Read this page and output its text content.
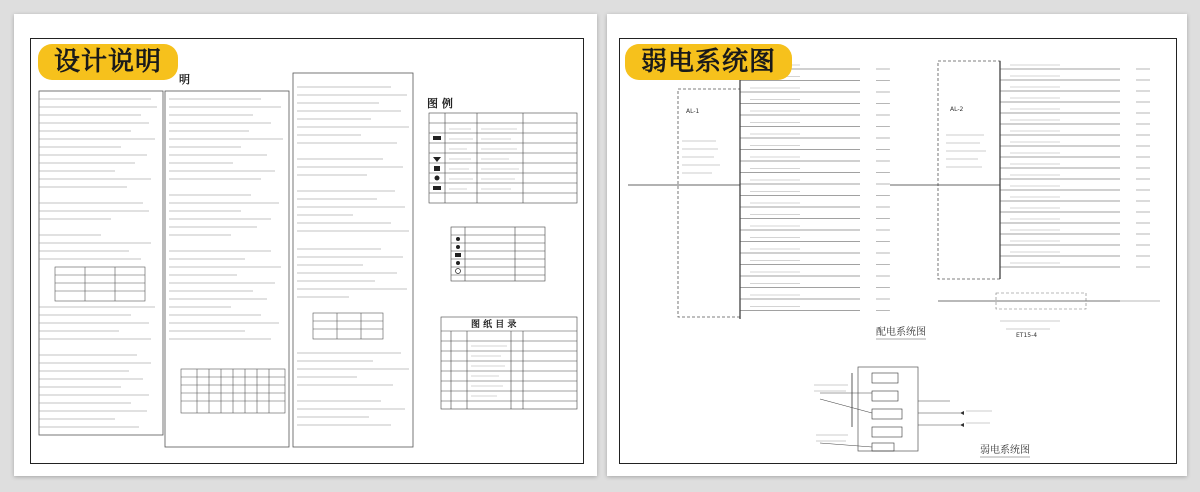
明
图 例
图 纸 目 录
设计说明
AL-1	AL-2
ET15-4
配电系统图
弱电系统图
弱电系统图
